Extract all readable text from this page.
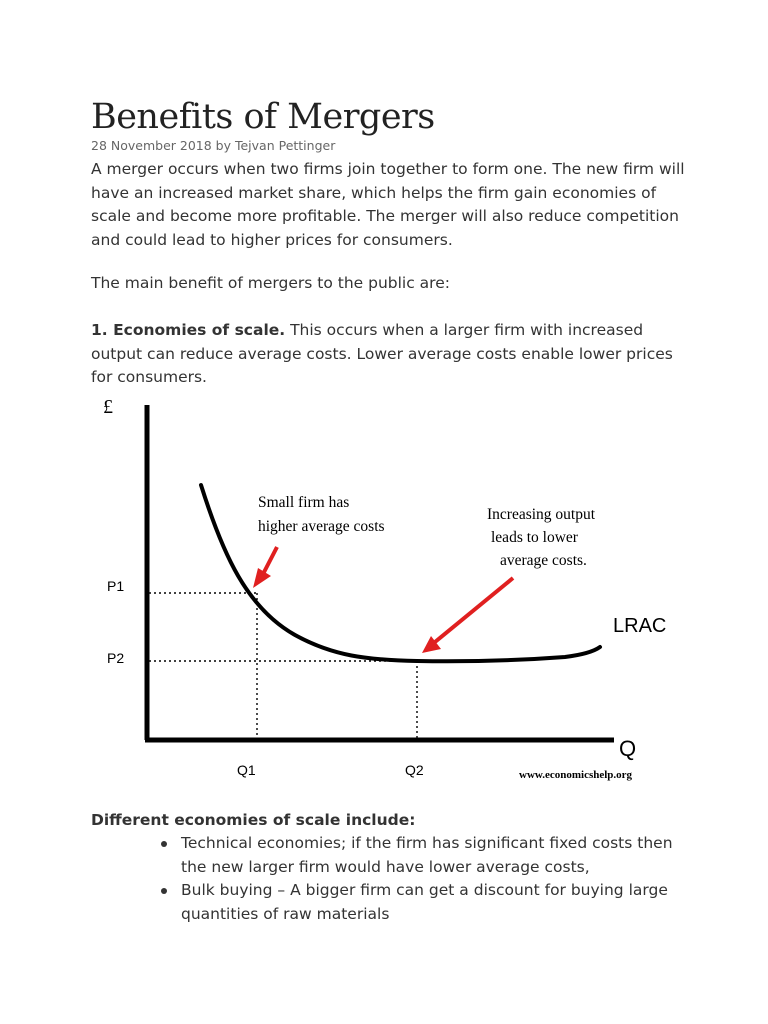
Benefits of Mergers
28 November 2018 by Tejvan Pettinger

A merger occurs when two firms join together to form one. The new firm will have an increased market share, which helps the firm gain economies of scale and become more profitable. The merger will also reduce competition and could lead to higher prices for consumers.

The main benefit of mergers to the public are:

1. Economies of scale. This occurs when a larger firm with increased output can reduce average costs. Lower average costs enable lower prices for consumers.

Different economies of scale include:
Technical economies; if the firm has significant fixed costs then the new larger firm would have lower average costs,
Bulk buying – A bigger firm can get a discount for buying large quantities of raw materials
£
Q
P1
P2
Q1	Q2
LRAC
Small firm has
higher average costs
Increasing output
leads to lower
average costs.
www.economicshelp.org
